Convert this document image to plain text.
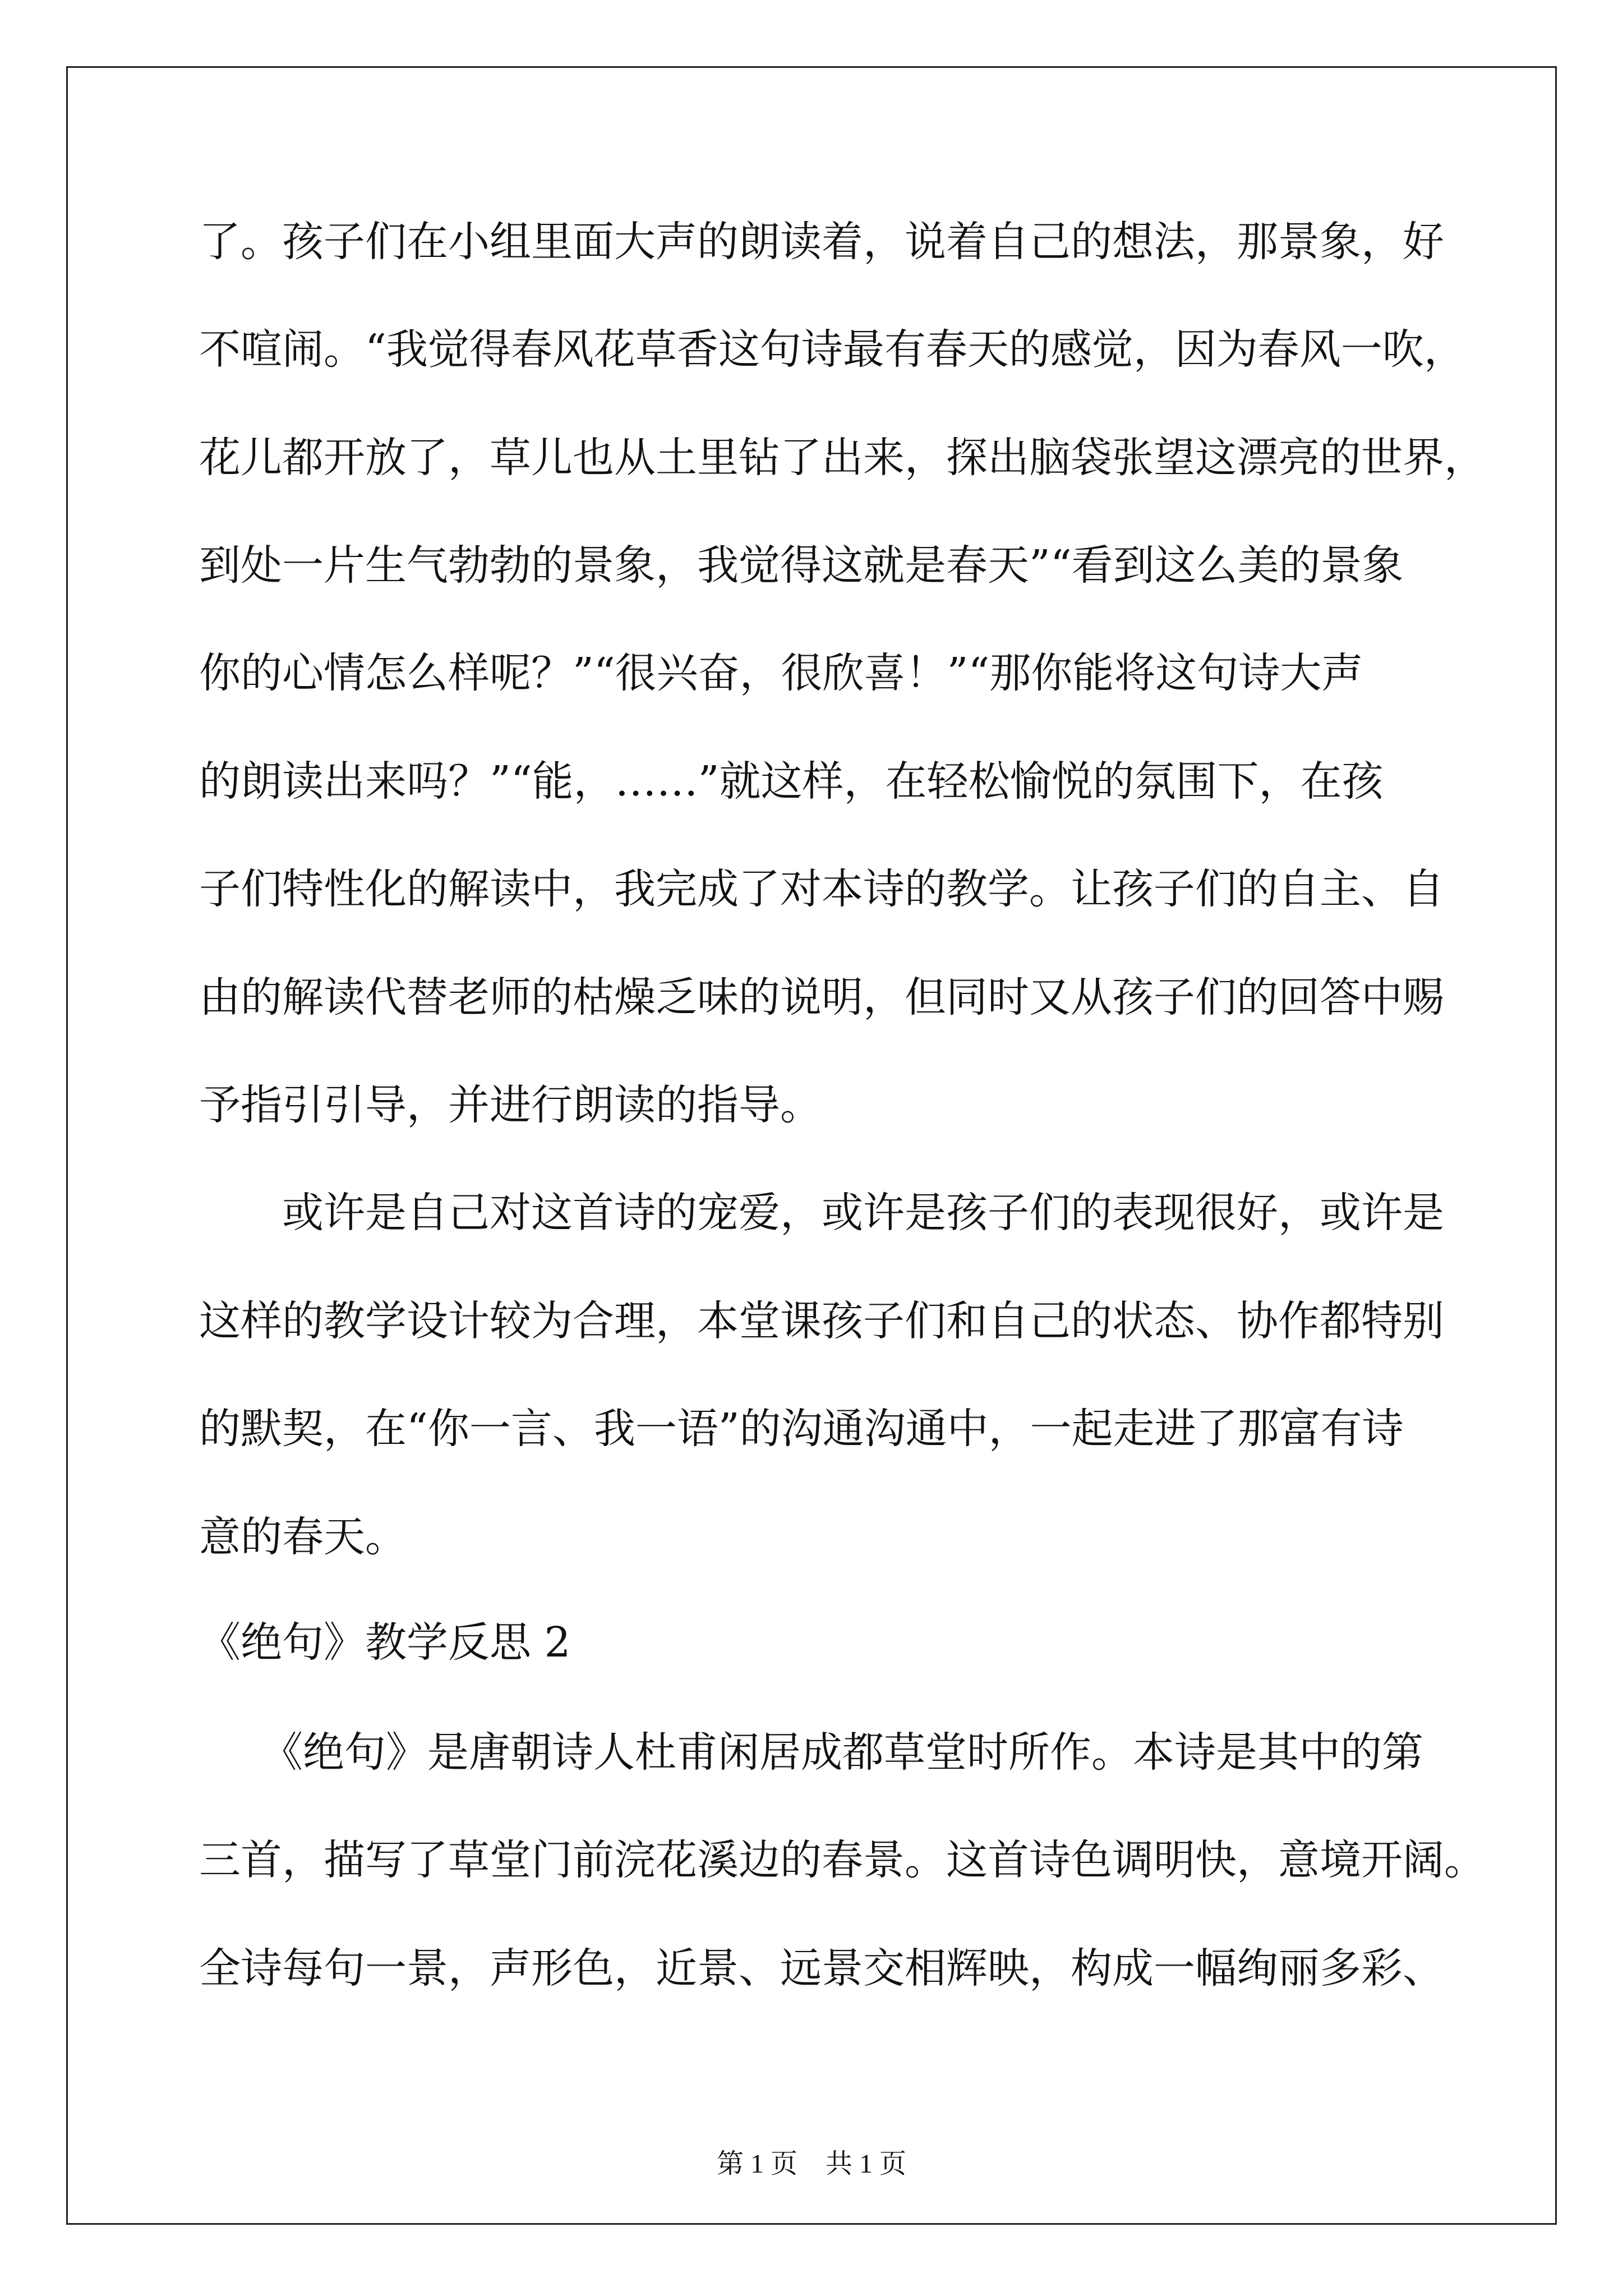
了。孩子们在小组里面大声的朗读着，说着自己的想法，那景象，好

不喧闹。“我觉得春风花草香这句诗最有春天的感觉，因为春风一吹，

花儿都开放了，草儿也从土里钻了出来，探出脑袋张望这漂亮的世界，

到处一片生气勃勃的景象，我觉得这就是春天”“看到这么美的景象

你的心情怎么样呢？”“很兴奋，很欣喜！”“那你能将这句诗大声

的朗读出来吗？”“能，……”就这样，在轻松愉悦的氛围下，在孩

子们特性化的解读中，我完成了对本诗的教学。让孩子们的自主、自

由的解读代替老师的枯燥乏味的说明，但同时又从孩子们的回答中赐

予指引引导，并进行朗读的指导。

　　或许是自己对这首诗的宠爱，或许是孩子们的表现很好，或许是

这样的教学设计较为合理，本堂课孩子们和自己的状态、协作都特别

的默契，在“你一言、我一语”的沟通沟通中，一起走进了那富有诗

意的春天。

《绝句》教学反思 2

　　《绝句》是唐朝诗人杜甫闲居成都草堂时所作。本诗是其中的第

三首，描写了草堂门前浣花溪边的春景。这首诗色调明快，意境开阔。

全诗每句一景，声形色，近景、远景交相辉映，构成一幅绚丽多彩、

第 1 页 共 1 页
